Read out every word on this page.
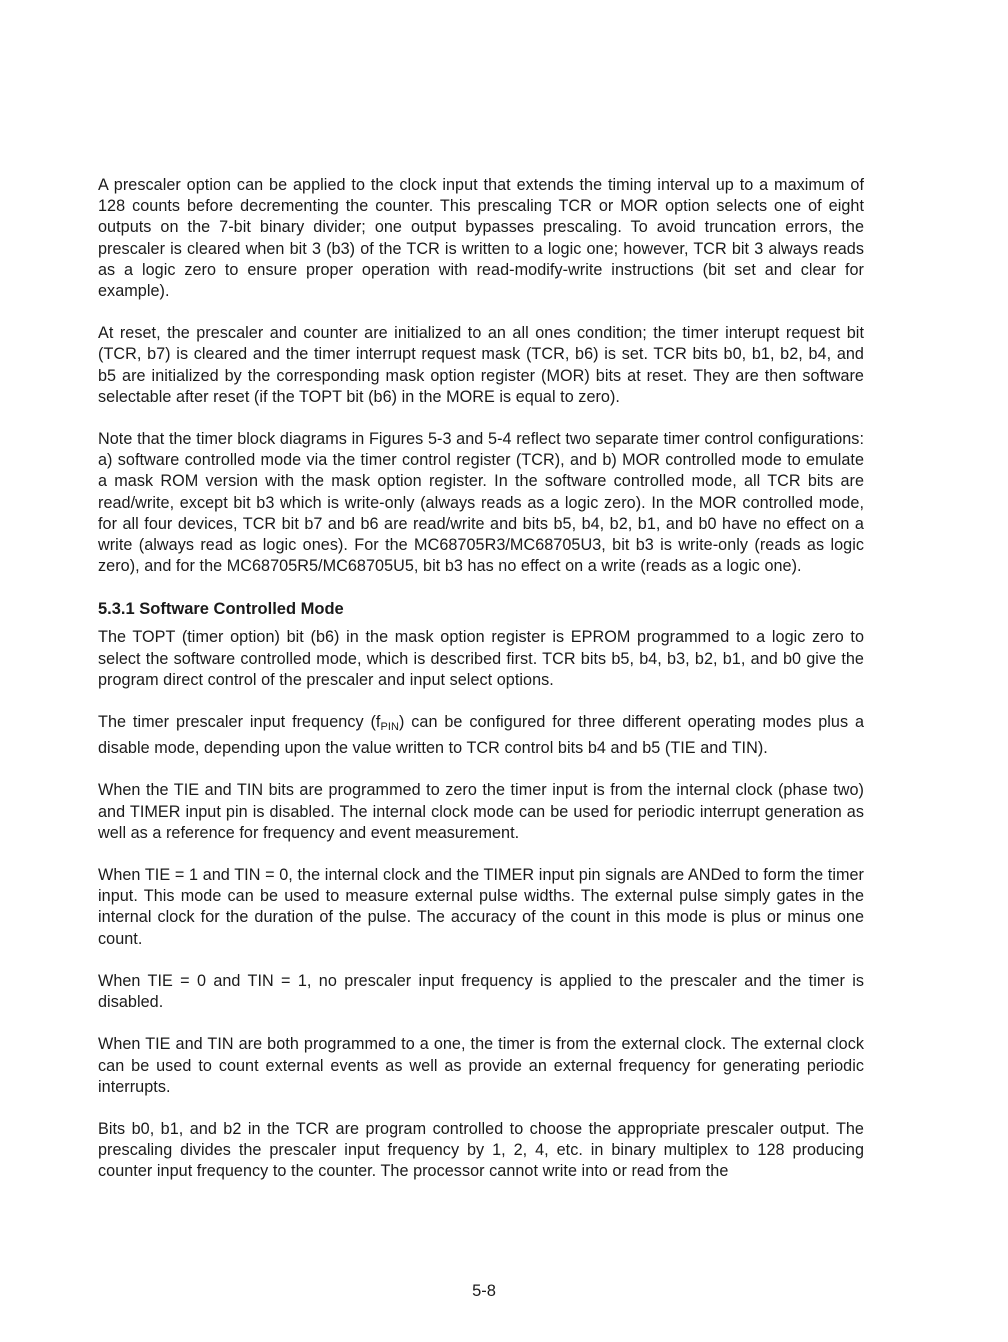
A prescaler option can be applied to the clock input that extends the timing interval up to a maximum of 128 counts before decrementing the counter. This prescaling TCR or MOR option selects one of eight outputs on the 7-bit binary divider; one output bypasses prescaling. To avoid truncation errors, the prescaler is cleared when bit 3 (b3) of the TCR is written to a logic one; however, TCR bit 3 always reads as a logic zero to ensure proper operation with read-modify-write instructions (bit set and clear for example).

At reset, the prescaler and counter are initialized to an all ones condition; the timer interupt request bit (TCR, b7) is cleared and the timer interrupt request mask (TCR, b6) is set. TCR bits b0, b1, b2, b4, and b5 are initialized by the corresponding mask option register (MOR) bits at reset. They are then software selectable after reset (if the TOPT bit (b6) in the MORE is equal to zero).

Note that the timer block diagrams in Figures 5-3 and 5-4 reflect two separate timer control configurations: a) software controlled mode via the timer control register (TCR), and b) MOR controlled mode to emulate a mask ROM version with the mask option register. In the software controlled mode, all TCR bits are read/write, except bit b3 which is write-only (always reads as a logic zero). In the MOR controlled mode, for all four devices, TCR bit b7 and b6 are read/write and bits b5, b4, b2, b1, and b0 have no effect on a write (always read as logic ones). For the MC68705R3/MC68705U3, bit b3 is write-only (reads as logic zero), and for the MC68705R5/MC68705U5, bit b3 has no effect on a write (reads as a logic one).

5.3.1 Software Controlled Mode

The TOPT (timer option) bit (b6) in the mask option register is EPROM programmed to a logic zero to select the software controlled mode, which is described first. TCR bits b5, b4, b3, b2, b1, and b0 give the program direct control of the prescaler and input select options.

The timer prescaler input frequency $(f_{PIN})$ can be configured for three different operating modes plus a disable mode, depending upon the value written to TCR control bits b4 and b5 (TIE and TIN).

When the TIE and TIN bits are programmed to zero the timer input is from the internal clock (phase two) and TIMER input pin is disabled. The internal clock mode can be used for periodic interrupt generation as well as a reference for frequency and event measurement.

When TIE = 1 and TIN = 0, the internal clock and the TIMER input pin signals are ANDed to form the timer input. This mode can be used to measure external pulse widths. The external pulse simply gates in the internal clock for the duration of the pulse. The accuracy of the count in this mode is plus or minus one count.

When TIE = 0 and TIN = 1, no prescaler input frequency is applied to the prescaler and the timer is disabled.

When TIE and TIN are both programmed to a one, the timer is from the external clock. The external clock can be used to count external events as well as provide an external frequency for generating periodic interrupts.

Bits b0, b1, and b2 in the TCR are program controlled to choose the appropriate prescaler output. The prescaling divides the prescaler input frequency by 1, 2, 4, etc. in binary multiplex to 128 producing counter input frequency to the counter. The processor cannot write into or read from the

5-8
